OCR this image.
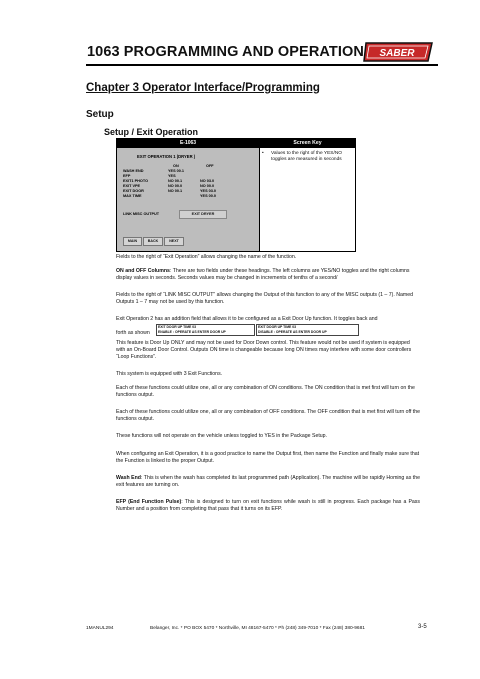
1063 PROGRAMMING AND OPERATION SABER
Chapter 3 Operator Interface/Programming
Setup
Setup / Exit Operation
E-1063
EXIT OPERATION 1 (DRYER )
ON	OFF
WASH END	YES 00.1
EFP	YES
EXIT1 PHOTO	NO 00.1	NO 03.0
EXIT VPE	NO 00.0	NO 00.0
EXIT DOOR	NO 00.1	YES 03.0
MAX TIME	YES 00.0
LINK MISC OUTPUT	EXIT DRYER
MAIN	BACK	NEXT
Screen Key
•	Values to the right of the YES/NO toggles are measured in seconds

Fields to the right of “Exit Operation” allows changing the name of the function.

ON and OFF Columns: There are two fields under these headings. The left columns are YES/NO toggles and the right columns display values in seconds. Seconds values may be changed in increments of tenths of a second/

Fields to the right of “LINK MISC OUTPUT” allows changing the Output of this function to any of the MISC outputs (1 – 7). Named Outputs 1 – 7 may not be used by this function.

Exit Operation 2 has an addition field that allows it to be configured as a Exit Door Up function. It toggles back and

forth as shown

EXIT DOOR UP TIME 03
ENABLE : OPERATE AS ENTER DOOR UP
EXIT DOOR UP TIME 03
DISABLE : OPERATE AS ENTER DOOR UP

This feature is Door Up ONLY and may not be used for Door Down control. This feature would not be used if system is equipped with an On-Board Door Control. Outputs ON time is changeable because long ON times may interfere with some door controllers “Loop Functions”.

This system is equipped with 3 Exit Functions.

Each of these functions could utilize one, all or any combination of ON conditions. The ON condition that is met first will turn on the functions output.

Each of these functions could utilize one, all or any combination of OFF conditions. The OFF condition that is met first will turn off the functions output.

These functions will not operate on the vehicle unless toggled to YES in the Package Setup.

When configuring an Exit Operation, it is a good practice to name the Output first, then name the Function and finally make sure that the Function is linked to the proper Output.

Wash End: This is when the wash has completed its last programmed path (Application). The machine will be rapidly Homing as the exit features are turning on.

EFP (End Function Pulse): This is designed to turn on exit functions while wash is still in progress. Each package has a Pass Number and a position from completing that pass that it turns on its EFP.

1MANUL294	Belanger, Inc. * PO BOX 5470 * Northville, MI 48167-5470 * Ph (248) 349-7010 * Fax (248) 380-9681	3-5
